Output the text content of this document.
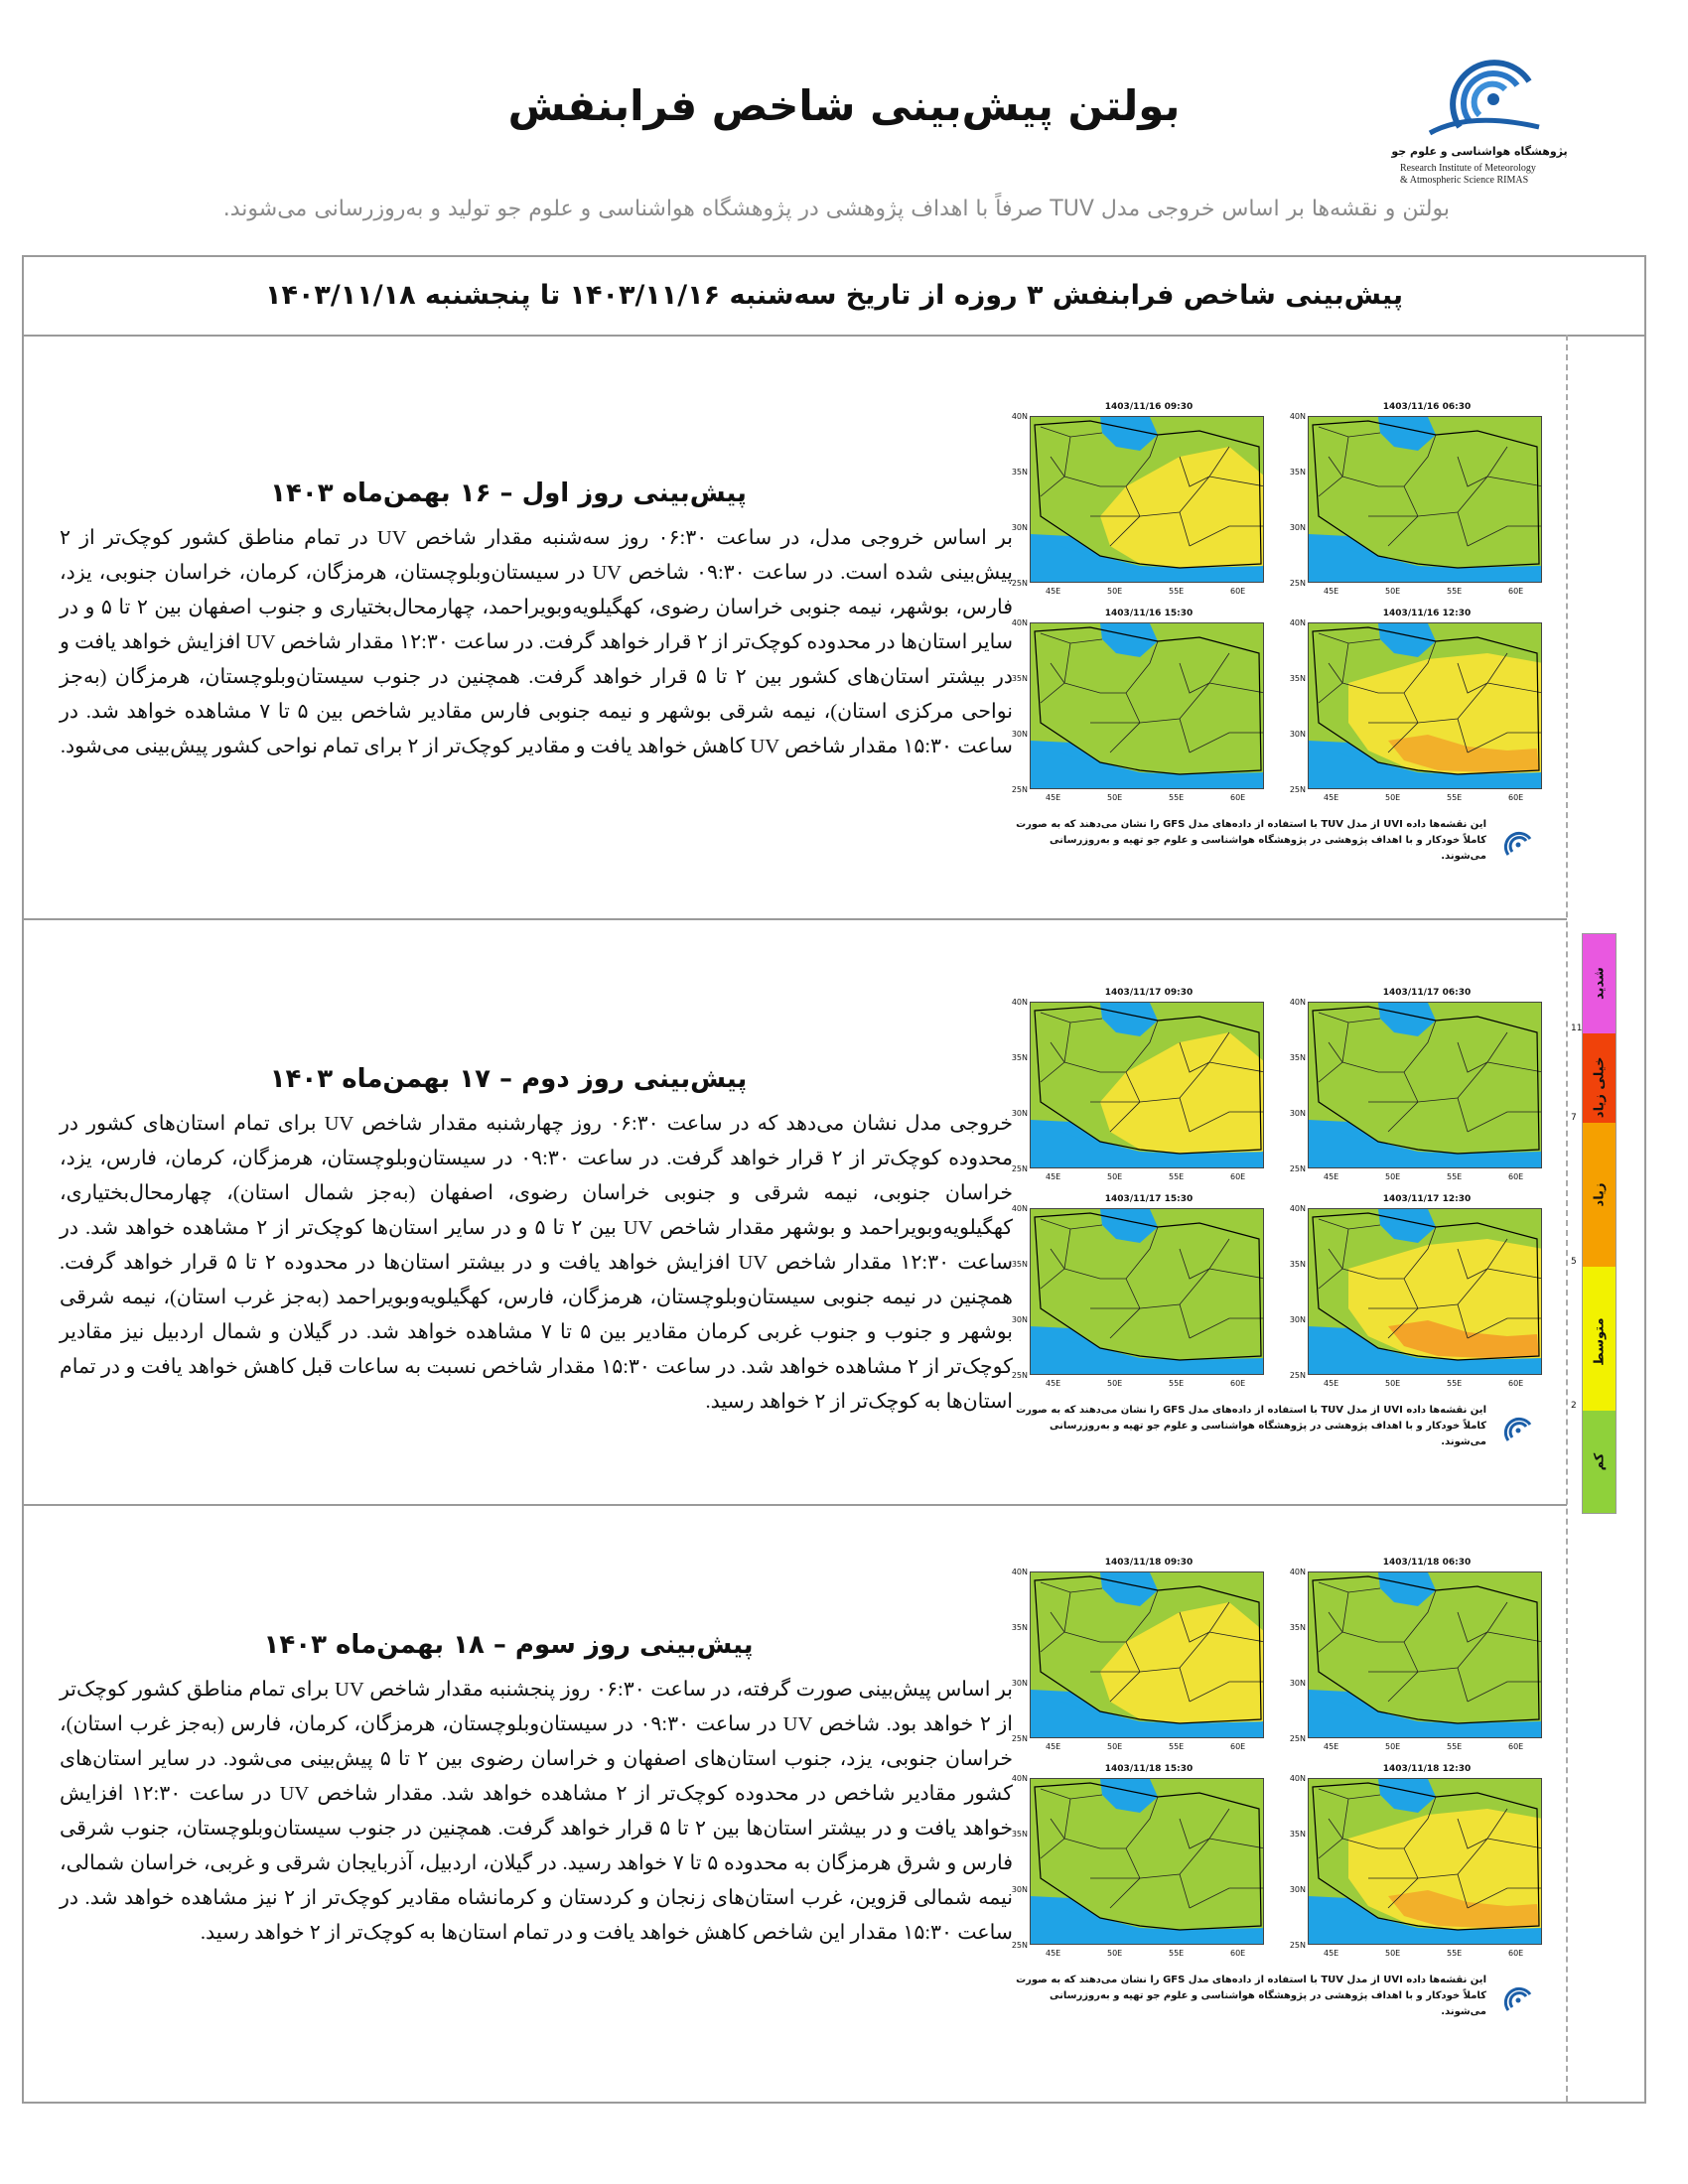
بولتن پیش‌بینی شاخص فرابنفش
پژوهشگاه هواشناسی و علوم جو
Research Institute of Meteorology
& Atmospheric Science RIMAS
بولتن و نقشه‌ها بر اساس خروجی مدل TUV صرفاً با اهداف پژوهشی در پژوهشگاه هواشناسی و علوم جو تولید و به‌روزرسانی می‌شوند.
پیش‌بینی شاخص فرابنفش ۳ روزه از تاریخ سه‌شنبه ۱۴۰۳/۱۱/۱۶ تا پنجشنبه ۱۴۰۳/۱۱/۱۸
پیش‌بینی روز اول – ۱۶ بهمن‌ماه ۱۴۰۳
بر اساس خروجی مدل، در ساعت ۰۶:۳۰ روز سه‌شنبه مقدار شاخص UV در تمام مناطق کشور کوچک‌تر از ۲ پیش‌بینی شده است. در ساعت ۰۹:۳۰ شاخص UV در سیستان‌وبلوچستان، هرمزگان، کرمان، خراسان جنوبی، یزد، فارس، بوشهر، نیمه جنوبی خراسان رضوی، کهگیلویه‌وبویراحمد، چهارمحال‌بختیاری و جنوب اصفهان بین ۲ تا ۵ و در سایر استان‌ها در محدوده کوچک‌تر از ۲ قرار خواهد گرفت. در ساعت ۱۲:۳۰ مقدار شاخص UV افزایش خواهد یافت و در بیشتر استان‌های کشور بین ۲ تا ۵ قرار خواهد گرفت. همچنین در جنوب سیستان‌وبلوچستان، هرمزگان (به‌جز نواحی مرکزی استان)، نیمه شرقی بوشهر و نیمه جنوبی فارس مقادیر شاخص بین ۵ تا ۷ مشاهده خواهد شد. در ساعت ۱۵:۳۰ مقدار شاخص UV کاهش خواهد یافت و مقادیر کوچک‌تر از ۲ برای تمام نواحی کشور پیش‌بینی می‌شود.
1403/11/16 06:30
40N
35N
30N
25N
45E	50E	55E	60E
1403/11/16 09:30
40N
35N
30N
25N
45E	50E	55E	60E
1403/11/16 12:30
40N
35N
30N
25N
45E	50E	55E	60E
1403/11/16 15:30
40N
35N
30N
25N
45E	50E	55E	60E
این نقشه‌ها داده UVI از مدل TUV با استفاده از داده‌های مدل GFS را نشان می‌دهند که به صورت
کاملاً خودکار و با اهداف پژوهشی در پژوهشگاه هواشناسی و علوم جو تهیه و به‌روزرسانی می‌شوند.
پیش‌بینی روز دوم – ۱۷ بهمن‌ماه ۱۴۰۳
خروجی مدل نشان می‌دهد که در ساعت ۰۶:۳۰ روز چهارشنبه مقدار شاخص UV برای تمام استان‌های کشور در محدوده کوچک‌تر از ۲ قرار خواهد گرفت. در ساعت ۰۹:۳۰ در سیستان‌وبلوچستان، هرمزگان، کرمان، فارس، یزد، خراسان جنوبی، نیمه شرقی و جنوبی خراسان رضوی، اصفهان (به‌جز شمال استان)، چهارمحال‌بختیاری، کهگیلویه‌وبویراحمد و بوشهر مقدار شاخص UV بین ۲ تا ۵ و در سایر استان‌ها کوچک‌تر از ۲ مشاهده خواهد شد. در ساعت ۱۲:۳۰ مقدار شاخص UV افزایش خواهد یافت و در بیشتر استان‌ها در محدوده ۲ تا ۵ قرار خواهد گرفت. همچنین در نیمه جنوبی سیستان‌وبلوچستان، هرمزگان، فارس، کهگیلویه‌وبویراحمد (به‌جز غرب استان)، نیمه شرقی بوشهر و جنوب و جنوب غربی کرمان مقادیر بین ۵ تا ۷ مشاهده خواهد شد. در گیلان و شمال اردبیل نیز مقادیر کوچک‌تر از ۲ مشاهده خواهد شد. در ساعت ۱۵:۳۰ مقدار شاخص نسبت به ساعات قبل کاهش خواهد یافت و در تمام استان‌ها به کوچک‌تر از ۲ خواهد رسید.
1403/11/17 06:30
40N
35N
30N
25N
45E	50E	55E	60E
1403/11/17 09:30
40N
35N
30N
25N
45E	50E	55E	60E
1403/11/17 12:30
40N
35N
30N
25N
45E	50E	55E	60E
1403/11/17 15:30
40N
35N
30N
25N
45E	50E	55E	60E
این نقشه‌ها داده UVI از مدل TUV با استفاده از داده‌های مدل GFS را نشان می‌دهند که به صورت
کاملاً خودکار و با اهداف پژوهشی در پژوهشگاه هواشناسی و علوم جو تهیه و به‌روزرسانی می‌شوند.
پیش‌بینی روز سوم – ۱۸ بهمن‌ماه ۱۴۰۳
بر اساس پیش‌بینی صورت گرفته، در ساعت ۰۶:۳۰ روز پنجشنبه مقدار شاخص UV برای تمام مناطق کشور کوچک‌تر از ۲ خواهد بود. شاخص UV در ساعت ۰۹:۳۰ در سیستان‌وبلوچستان، هرمزگان، کرمان، فارس (به‌جز غرب استان)، خراسان جنوبی، یزد، جنوب استان‌های اصفهان و خراسان رضوی بین ۲ تا ۵ پیش‌بینی می‌شود. در سایر استان‌های کشور مقادیر شاخص در محدوده کوچک‌تر از ۲ مشاهده خواهد شد. مقدار شاخص UV در ساعت ۱۲:۳۰ افزایش خواهد یافت و در بیشتر استان‌ها بین ۲ تا ۵ قرار خواهد گرفت. همچنین در جنوب سیستان‌وبلوچستان، جنوب شرقی فارس و شرق هرمزگان به محدوده ۵ تا ۷ خواهد رسید. در گیلان، اردبیل، آذربایجان شرقی و غربی، خراسان شمالی، نیمه شمالی قزوین، غرب استان‌های زنجان و کردستان و کرمانشاه مقادیر کوچک‌تر از ۲ نیز مشاهده خواهد شد. در ساعت ۱۵:۳۰ مقدار این شاخص کاهش خواهد یافت و در تمام استان‌ها به کوچک‌تر از ۲ خواهد رسید.
1403/11/18 06:30
40N
35N
30N
25N
45E	50E	55E	60E
1403/11/18 09:30
40N
35N
30N
25N
45E	50E	55E	60E
1403/11/18 12:30
40N
35N
30N
25N
45E	50E	55E	60E
1403/11/18 15:30
40N
35N
30N
25N
45E	50E	55E	60E
این نقشه‌ها داده UVI از مدل TUV با استفاده از داده‌های مدل GFS را نشان می‌دهند که به صورت
کاملاً خودکار و با اهداف پژوهشی در پژوهشگاه هواشناسی و علوم جو تهیه و به‌روزرسانی می‌شوند.
کم
متوسط
زیاد
خیلی زیاد
شدید
2
5
7
11
